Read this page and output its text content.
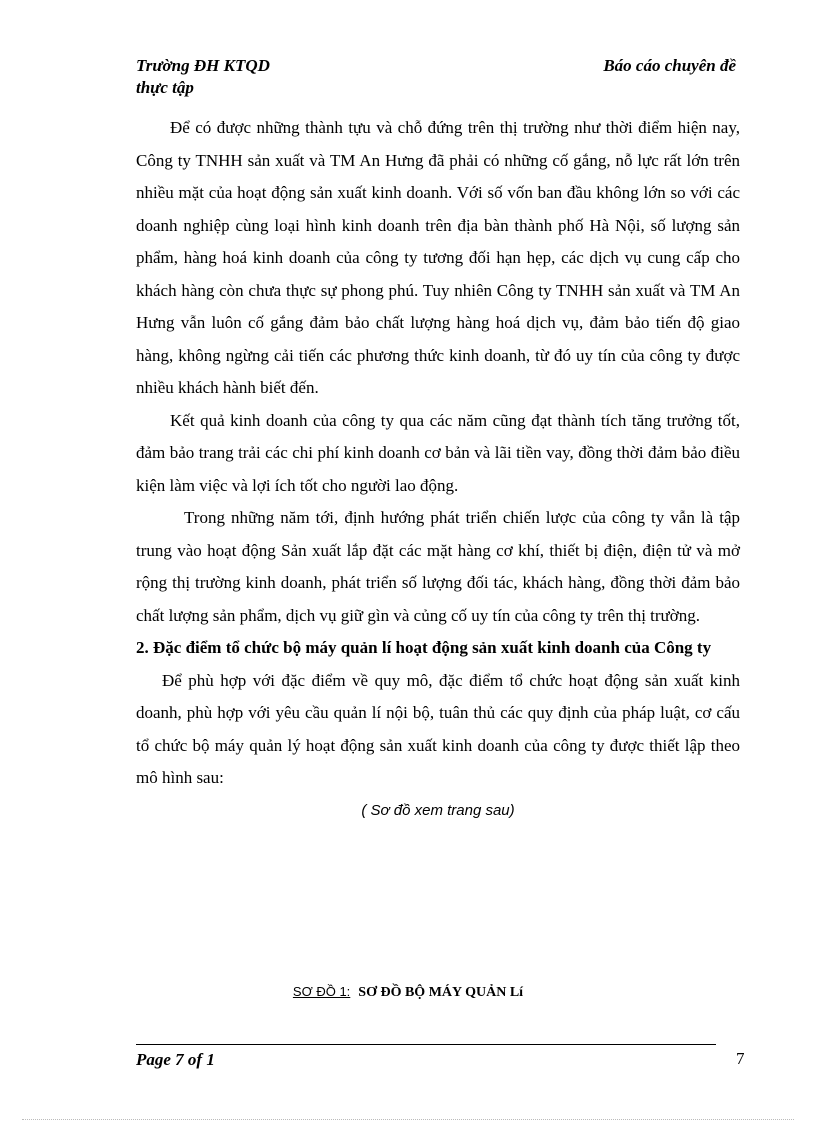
Trường ĐH KTQD
thực tập
Báo cáo chuyên đề

Để có được những thành tựu và chỗ đứng trên thị trường như thời điểm hiện nay, Công ty TNHH sản xuất và TM An Hưng đã phải có những cố gắng, nỗ lực rất lớn trên nhiều mặt của hoạt động sản xuất kinh doanh. Với số vốn ban đầu không lớn so với các doanh nghiệp cùng loại hình kinh doanh trên địa bàn thành phố Hà Nội, số lượng sản phẩm, hàng hoá kinh doanh của công ty tương đối hạn hẹp, các dịch vụ cung cấp cho khách hàng còn chưa thực sự phong phú. Tuy nhiên Công ty TNHH sản xuất và TM An Hưng vẫn luôn cố gắng đảm bảo chất lượng hàng hoá dịch vụ, đảm bảo tiến độ giao hàng, không ngừng cải tiến các phương thức kinh doanh, từ đó uy tín của công ty được nhiều khách hành biết đến.

Kết quả kinh doanh của công ty qua các năm cũng đạt thành tích tăng trưởng tốt, đảm bảo trang trải các chi phí kinh doanh cơ bản và lãi tiền vay, đồng thời đảm bảo điều kiện làm việc và lợi ích tốt cho người lao động.

Trong những năm tới, định hướng phát triển chiến lược của công ty vẫn là tập trung vào hoạt động Sản xuất lắp đặt các mặt hàng cơ khí, thiết bị điện, điện tử và mở rộng thị trường kinh doanh, phát triển số lượng đối tác, khách hàng, đồng thời đảm bảo chất lượng sản phẩm, dịch vụ giữ gìn và củng cố uy tín của công ty trên thị trường.

2. Đặc điểm tổ chức bộ máy quản lí hoạt động sản xuất kinh doanh của Công ty

Để phù hợp với đặc điểm về quy mô, đặc điểm tổ chức hoạt động sản xuất kinh doanh, phù hợp với yêu cầu quản lí nội bộ, tuân thủ các quy định của pháp luật, cơ cấu tổ chức bộ máy quản lý hoạt động sản xuất kinh doanh của công ty được thiết lập theo mô hình sau:

( Sơ đồ xem trang sau)

SƠ ĐỒ 1: SƠ ĐỒ BỘ MÁY QUẢN Lí
Page 7 of 1	7
